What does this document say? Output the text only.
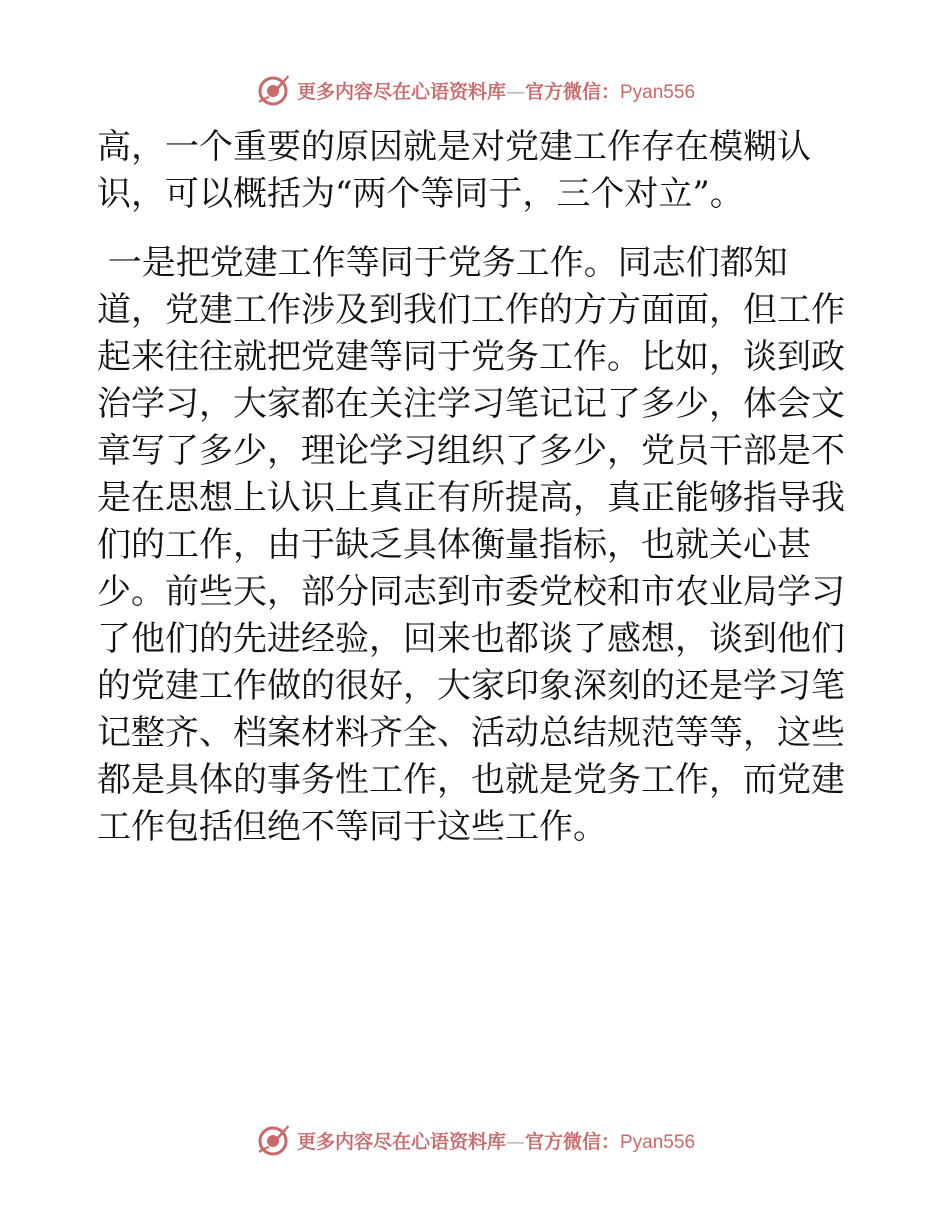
更多内容尽在心语资料库—官方微信：Pyan556
高，一个重要的原因就是对党建工作存在模糊认
识，可以概括为“两个等同于，三个对立”。
一是把党建工作等同于党务工作。同志们都知
道，党建工作涉及到我们工作的方方面面，但工作
起来往往就把党建等同于党务工作。比如，谈到政
治学习，大家都在关注学习笔记记了多少，体会文
章写了多少，理论学习组织了多少，党员干部是不
是在思想上认识上真正有所提高，真正能够指导我
们的工作，由于缺乏具体衡量指标，也就关心甚
少。前些天，部分同志到市委党校和市农业局学习
了他们的先进经验，回来也都谈了感想，谈到他们
的党建工作做的很好，大家印象深刻的还是学习笔
记整齐、档案材料齐全、活动总结规范等等，这些
都是具体的事务性工作，也就是党务工作，而党建
工作包括但绝不等同于这些工作。
更多内容尽在心语资料库—官方微信：Pyan556
